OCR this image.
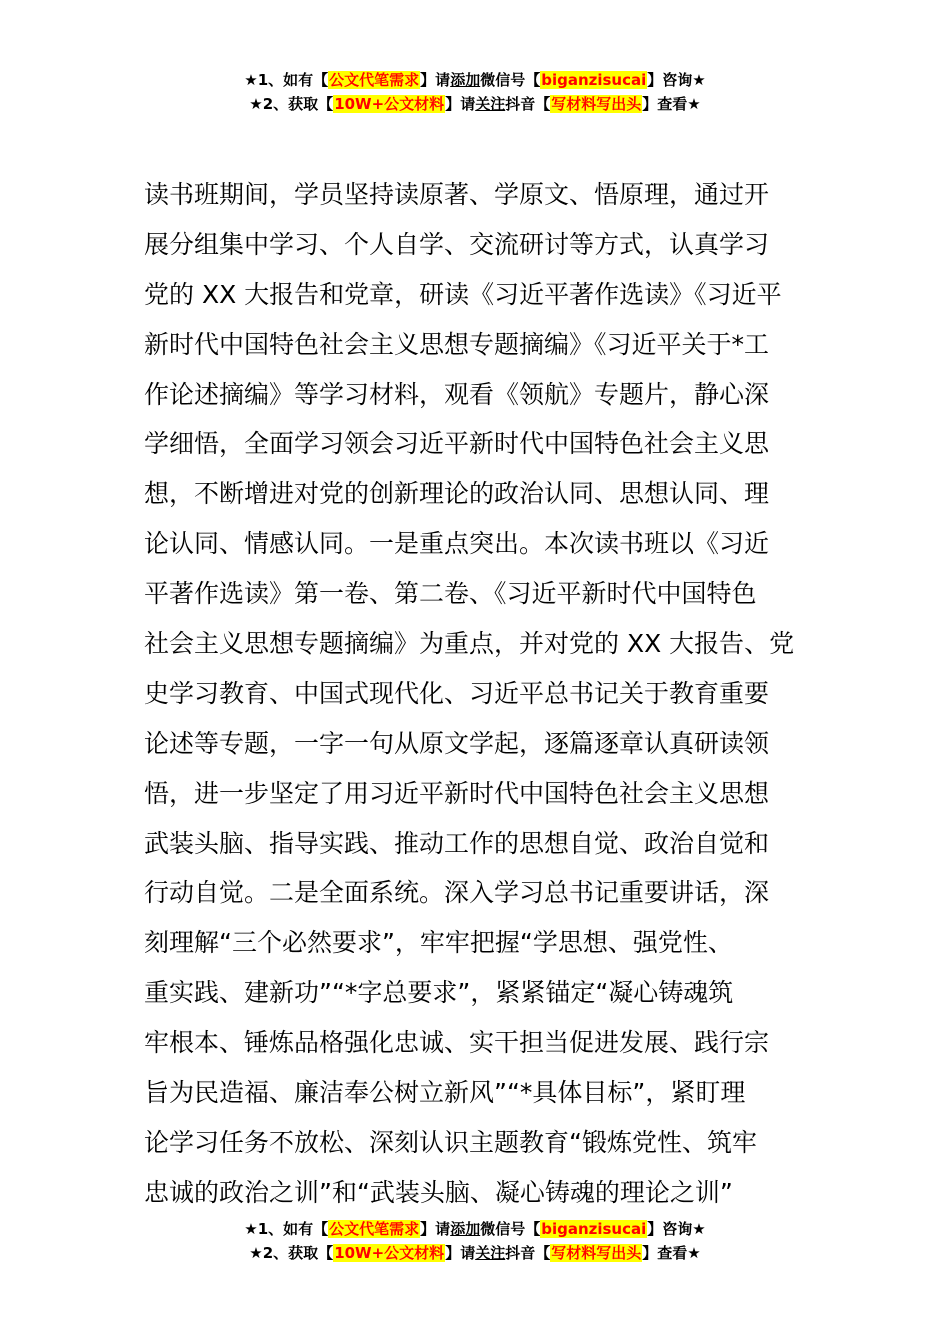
★1、如有【公文代笔需求】请添加微信号【biganzisucai】咨询★
★2、获取【10W+公文材料】请关注抖音【写材料写出头】查看★
读书班期间，学员坚持读原著、学原文、悟原理，通过开
展分组集中学习、个人自学、交流研讨等方式，认真学习
党的 XX 大报告和党章，研读《习近平著作选读》《习近平
新时代中国特色社会主义思想专题摘编》《习近平关于*工
作论述摘编》等学习材料，观看《领航》专题片，静心深
学细悟，全面学习领会习近平新时代中国特色社会主义思
想，不断增进对党的创新理论的政治认同、思想认同、理
论认同、情感认同。一是重点突出。本次读书班以《习近
平著作选读》第一卷、第二卷、《习近平新时代中国特色
社会主义思想专题摘编》为重点，并对党的 XX 大报告、党
史学习教育、中国式现代化、习近平总书记关于教育重要
论述等专题，一字一句从原文学起，逐篇逐章认真研读领
悟，进一步坚定了用习近平新时代中国特色社会主义思想
武装头脑、指导实践、推动工作的思想自觉、政治自觉和
行动自觉。二是全面系统。深入学习总书记重要讲话，深
刻理解“三个必然要求”，牢牢把握“学思想、强党性、
重实践、建新功”“*字总要求”，紧紧锚定“凝心铸魂筑
牢根本、锤炼品格强化忠诚、实干担当促进发展、践行宗
旨为民造福、廉洁奉公树立新风”“*具体目标”，紧盯理
论学习任务不放松、深刻认识主题教育“锻炼党性、筑牢
忠诚的政治之训”和“武装头脑、凝心铸魂的理论之训”
★1、如有【公文代笔需求】请添加微信号【biganzisucai】咨询★
★2、获取【10W+公文材料】请关注抖音【写材料写出头】查看★
